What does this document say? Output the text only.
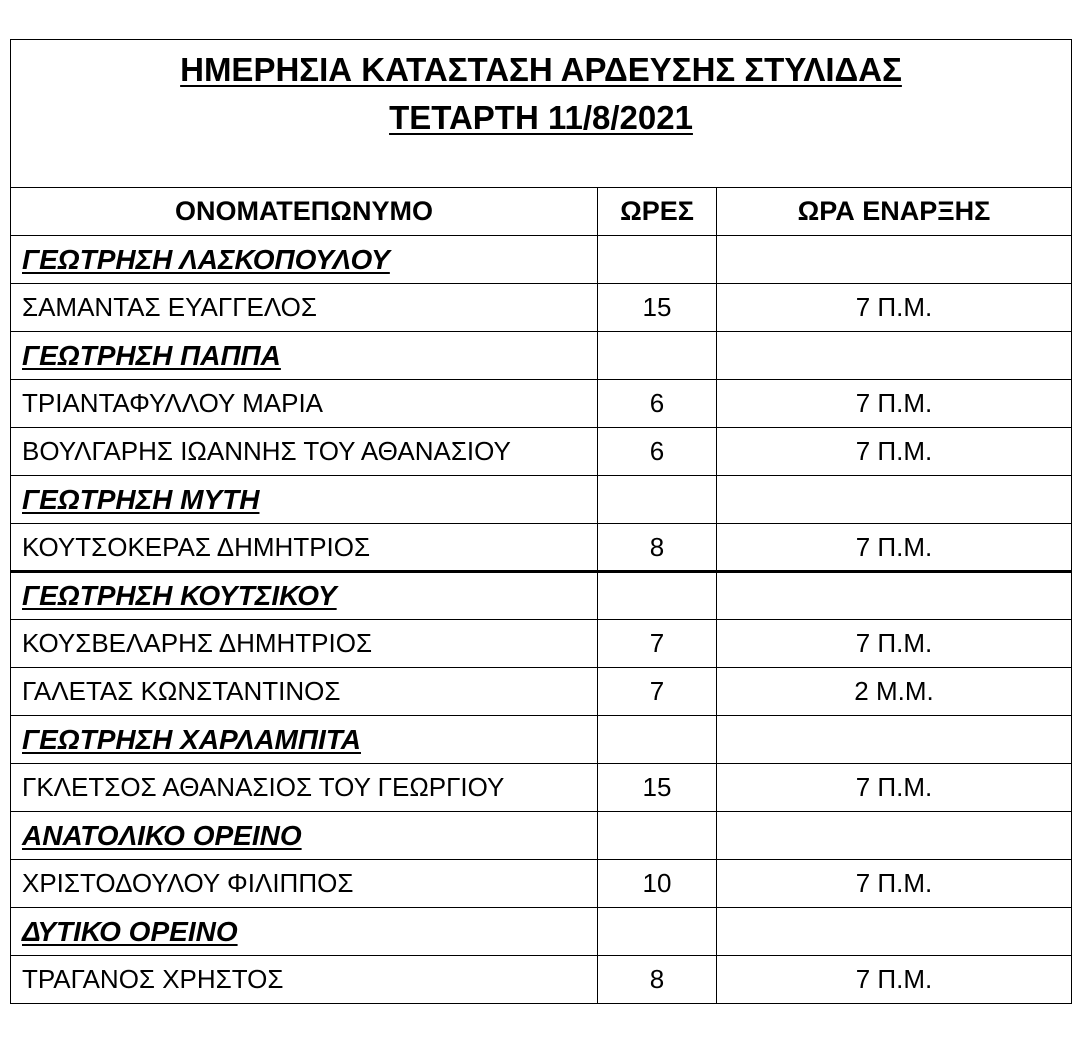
ΗΜΕΡΗΣΙΑ ΚΑΤΑΣΤΑΣΗ ΑΡΔΕΥΣΗΣ ΣΤΥΛΙΔΑΣ
ΤΕΤΑΡΤΗ 11/8/2021		

ΟΝΟΜΑΤΕΠΩΝΥΜΟ	ΩΡΕΣ	ΩΡΑ ΕΝΑΡΞΗΣ
ΓΕΩΤΡΗΣΗ ΛΑΣΚΟΠΟΥΛΟΥ		
ΣΑΜΑΝΤΑΣ ΕΥΑΓΓΕΛΟΣ	15	7 Π.Μ.
ΓΕΩΤΡΗΣΗ ΠΑΠΠΑ		
ΤΡΙΑΝΤΑΦΥΛΛΟΥ ΜΑΡΙΑ	6	7 Π.Μ.
ΒΟΥΛΓΑΡΗΣ ΙΩΑΝΝΗΣ ΤΟΥ ΑΘΑΝΑΣΙΟΥ	6	7 Π.Μ.
ΓΕΩΤΡΗΣΗ ΜΥΤΗ		
ΚΟΥΤΣΟΚΕΡΑΣ ΔΗΜΗΤΡΙΟΣ	8	7 Π.Μ.
ΓΕΩΤΡΗΣΗ ΚΟΥΤΣΙΚΟΥ		
ΚΟΥΣΒΕΛΑΡΗΣ ΔΗΜΗΤΡΙΟΣ	7	7 Π.Μ.
ΓΑΛΕΤΑΣ ΚΩΝΣΤΑΝΤΙΝΟΣ	7	2 Μ.Μ.
ΓΕΩΤΡΗΣΗ ΧΑΡΛΑΜΠΙΤΑ		
ΓΚΛΕΤΣΟΣ ΑΘΑΝΑΣΙΟΣ ΤΟΥ ΓΕΩΡΓΙΟΥ	15	7 Π.Μ.
ΑΝΑΤΟΛΙΚΟ ΟΡΕΙΝΟ		
ΧΡΙΣΤΟΔΟΥΛΟΥ ΦΙΛΙΠΠΟΣ	10	7 Π.Μ.
ΔΥΤΙΚΟ ΟΡΕΙΝΟ		
ΤΡΑΓΑΝΟΣ ΧΡΗΣΤΟΣ	8	7 Π.Μ.
